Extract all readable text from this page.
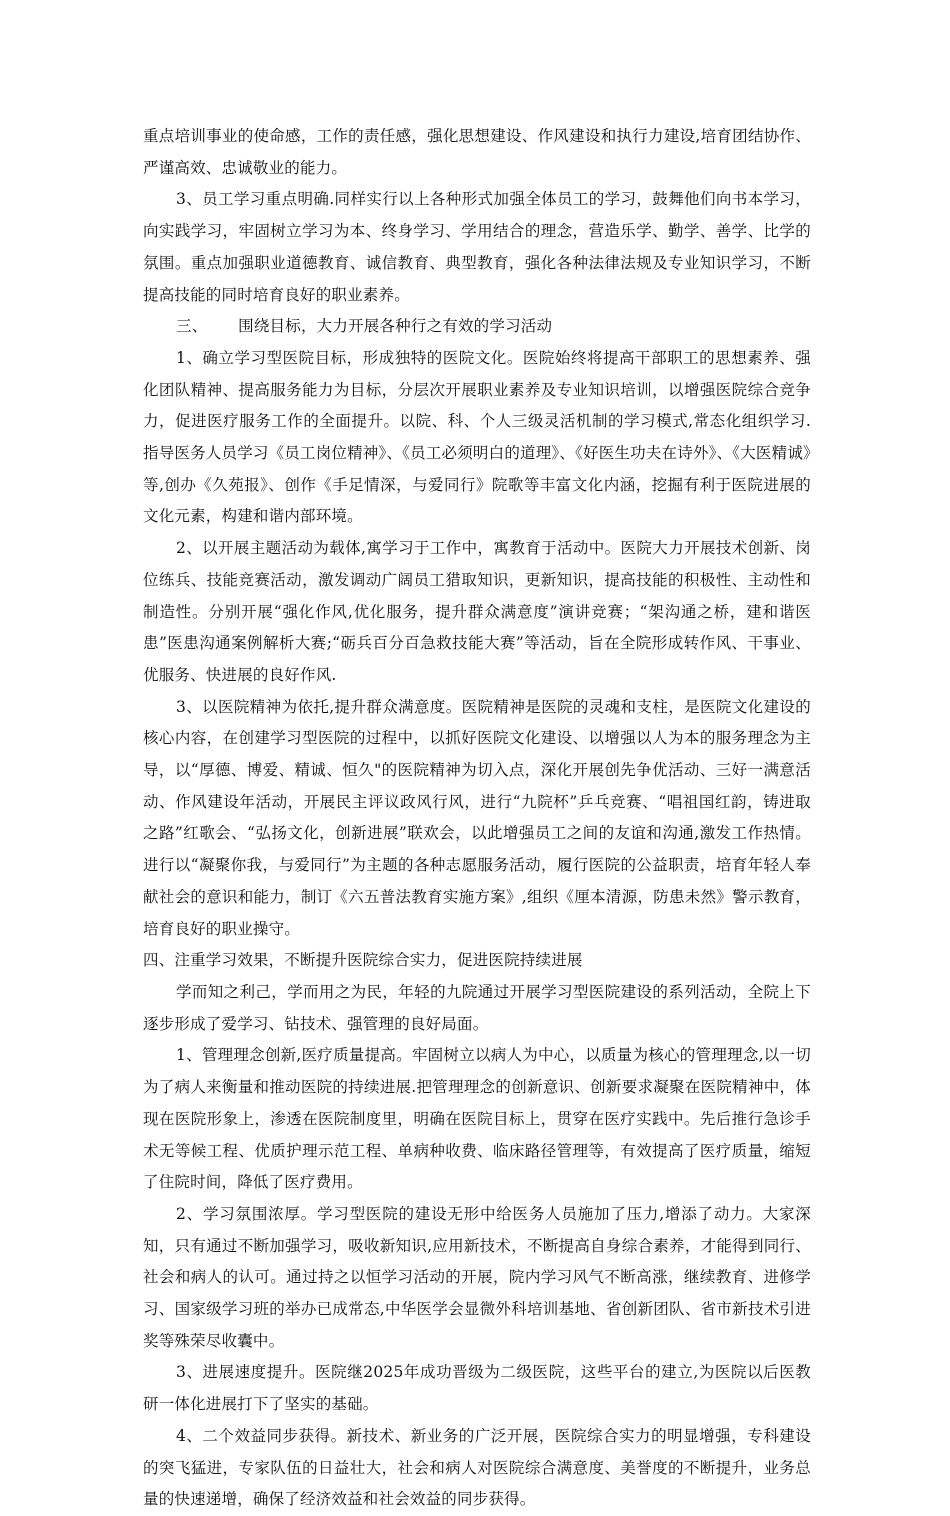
重点培训事业的使命感，工作的责任感，强化思想建设、作风建设和执行力建设,培育团结协作、严谨高效、忠诚敬业的能力。

3、员工学习重点明确.同样实行以上各种形式加强全体员工的学习，鼓舞他们向书本学习，向实践学习，牢固树立学习为本、终身学习、学用结合的理念，营造乐学、勤学、善学、比学的氛围。重点加强职业道德教育、诚信教育、典型教育，强化各种法律法规及专业知识学习，不断提高技能的同时培育良好的职业素养。

三、      围绕目标，大力开展各种行之有效的学习活动

1、确立学习型医院目标，形成独特的医院文化。医院始终将提高干部职工的思想素养、强化团队精神、提高服务能力为目标，分层次开展职业素养及专业知识培训，以增强医院综合竞争力，促进医疗服务工作的全面提升。以院、科、个人三级灵活机制的学习模式,常态化组织学习.指导医务人员学习《员工岗位精神》、《员工必须明白的道理》、《好医生功夫在诗外》、《大医精诚》等,创办《久苑报》、创作《手足情深，与爱同行》院歌等丰富文化内涵，挖掘有利于医院进展的文化元素，构建和谐内部环境。

2、以开展主题活动为载体,寓学习于工作中，寓教育于活动中。医院大力开展技术创新、岗位练兵、技能竞赛活动，激发调动广阔员工猎取知识，更新知识，提高技能的积极性、主动性和制造性。分别开展“强化作风,优化服务，提升群众满意度”演讲竞赛；“架沟通之桥，建和谐医患”医患沟通案例解析大赛;“砺兵百分百急救技能大赛”等活动，旨在全院形成转作风、干事业、优服务、快进展的良好作风.

3、以医院精神为依托,提升群众满意度。医院精神是医院的灵魂和支柱，是医院文化建设的核心内容，在创建学习型医院的过程中，以抓好医院文化建设、以增强以人为本的服务理念为主导，以“厚德、博爱、精诚、恒久"的医院精神为切入点，深化开展创先争优活动、三好一满意活动、作风建设年活动，开展民主评议政风行风，进行“九院杯”乒乓竞赛、“唱祖国红韵，铸进取之路”红歌会、“弘扬文化，创新进展”联欢会，以此增强员工之间的友谊和沟通,激发工作热情。进行以“凝聚你我，与爱同行”为主题的各种志愿服务活动，履行医院的公益职责，培育年轻人奉献社会的意识和能力，制订《六五普法教育实施方案》,组织《厘本清源，防患未然》警示教育，培育良好的职业操守。

四、注重学习效果，不断提升医院综合实力，促进医院持续进展

学而知之利己，学而用之为民，年轻的九院通过开展学习型医院建设的系列活动，全院上下逐步形成了爱学习、钻技术、强管理的良好局面。

1、管理理念创新,医疗质量提高。牢固树立以病人为中心，以质量为核心的管理理念,以一切为了病人来衡量和推动医院的持续进展.把管理理念的创新意识、创新要求凝聚在医院精神中，体现在医院形象上，渗透在医院制度里，明确在医院目标上，贯穿在医疗实践中。先后推行急诊手术无等候工程、优质护理示范工程、单病种收费、临床路径管理等，有效提高了医疗质量，缩短了住院时间，降低了医疗费用。

2、学习氛围浓厚。学习型医院的建设无形中给医务人员施加了压力,增添了动力。大家深知，只有通过不断加强学习，吸收新知识,应用新技术，不断提高自身综合素养，才能得到同行、社会和病人的认可。通过持之以恒学习活动的开展，院内学习风气不断高涨，继续教育、进修学习、国家级学习班的举办已成常态,中华医学会显微外科培训基地、省创新团队、省市新技术引进奖等殊荣尽收囊中。

3、进展速度提升。医院继2025年成功晋级为二级医院，这些平台的建立,为医院以后医教研一体化进展打下了坚实的基础。

4、二个效益同步获得。新技术、新业务的广泛开展，医院综合实力的明显增强，专科建设的突飞猛进，专家队伍的日益壮大，社会和病人对医院综合满意度、美誉度的不断提升，业务总量的快速递增，确保了经济效益和社会效益的同步获得。
